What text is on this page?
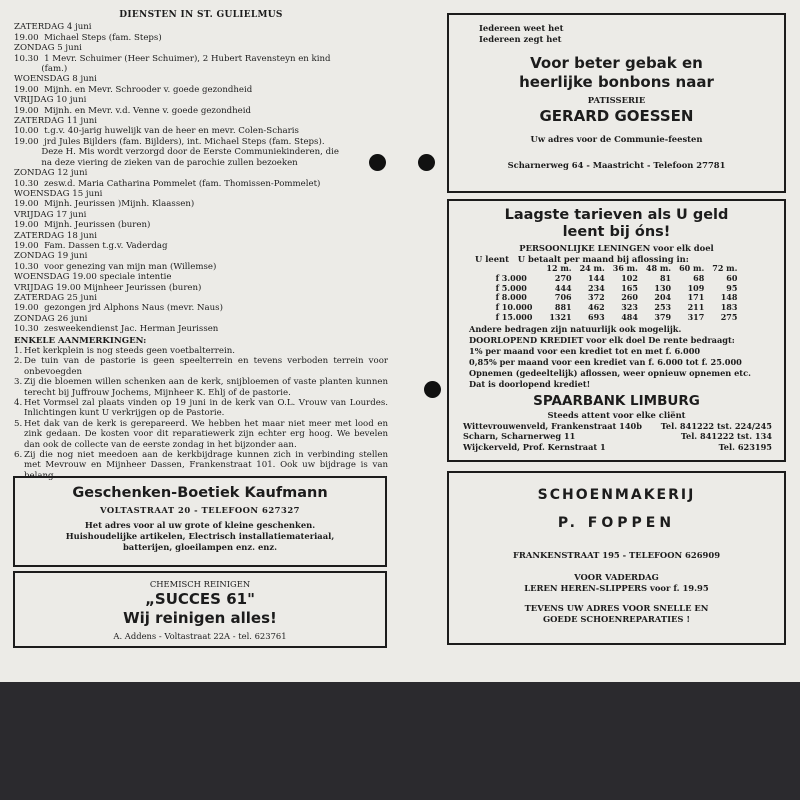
DIENSTEN IN ST. GULIELMUS
ZATERDAG 4 juni
19.00  Michael Steps (fam. Steps)
ZONDAG 5 juni
10.30  1 Mevr. Schuimer (Heer Schuimer), 2 Hubert Ravensteyn en kind
(fam.)
WOENSDAG 8 juni
19.00  Mijnh. en Mevr. Schrooder v. goede gezondheid
VRIJDAG 10 juni
19.00  Mijnh. en Mevr. v.d. Venne v. goede gezondheid
ZATERDAG 11 juni
10.00  t.g.v. 40-jarig huwelijk van de heer en mevr. Colen-Scharis
19.00  jrd Jules Bijlders (fam. Bijlders), int. Michael Steps (fam. Steps).
Deze H. Mis wordt verzorgd door de Eerste Communiekinderen, die
na deze viering de zieken van de parochie zullen bezoeken
ZONDAG 12 juni
10.30  zesw.d. Maria Catharina Pommelet (fam. Thomissen-Pommelet)
WOENSDAG 15 juni
19.00  Mijnh. Jeurissen )Mijnh. Klaassen)
VRIJDAG 17 juni
19.00  Mijnh. Jeurissen (buren)
ZATERDAG 18 juni
19.00  Fam. Dassen t.g.v. Vaderdag
ZONDAG 19 juni
10.30  voor genezing van mijn man (Willemse)
WOENSDAG 19.00 speciale intentie
VRIJDAG 19.00 Mijnheer Jeurissen (buren)
ZATERDAG 25 juni
19.00  gezongen jrd Alphons Naus (mevr. Naus)
ZONDAG 26 juni
10.30  zesweekendienst Jac. Herman Jeurissen
ENKELE AANMERKINGEN:
1. Het kerkplein is nog steeds geen voetbalterrein.
2. De tuin van de pastorie is geen speelterrein en tevens verboden terrein voor onbevoegden
3. Zij die bloemen willen schenken aan de kerk, snijbloemen of vaste planten kunnen terecht bij Juffrouw Jochems, Mijnheer K. Ehlj of de pastorie.
4. Het Vormsel zal plaats vinden op 19 juni in de kerk van O.L. Vrouw van Lourdes. Inlichtingen kunt U verkrijgen op de Pastorie.
5. Het dak van de kerk is gerepareerd. We hebben het maar niet meer met lood en zink gedaan. De kosten voor dit reparatiewerk zijn echter erg hoog. We bevelen dan ook de collecte van de eerste zondag in het bijzonder aan.
6. Zij die nog niet meedoen aan de kerkbijdrage kunnen zich in verbinding stellen met Mevrouw en Mijnheer Dassen, Frankenstraat 101. Ook uw bijdrage is van belang.
Geschenken-Boetiek Kaufmann
VOLTASTRAAT 20 - TELEFOON 627327
Het adres voor al uw grote of kleine geschenken.
Huishoudelijke artikelen, Electrisch installatiemateriaal,
batterijen, gloeilampen enz. enz.
CHEMISCH REINIGEN
„SUCCES 61"
Wij reinigen alles!
A. Addens - Voltastraat 22A - tel. 623761
Iedereen weet het
Iedereen zegt het
Voor beter gebak en
heerlijke bonbons naar
PATISSERIE
GERARD GOESSEN
Uw adres voor de Communie-feesten
Scharnerweg 64 - Maastricht - Telefoon 27781
Laagste tarieven als U geld
leent bij óns!
PERSOONLIJKE LENINGEN voor elk doel
U leent U betaalt per maand bij aflossing in:
	12 m.	24 m.	36 m.	48 m.	60 m.	72 m.
f 3.000	270	144	102	81	68	60
f 5.000	444	234	165	130	109	95
f 8.000	706	372	260	204	171	148
f 10.000	881	462	323	253	211	183
f 15.000	1321	693	484	379	317	275
Andere bedragen zijn natuurlijk ook mogelijk.
DOORLOPEND KREDIET voor elk doel De rente bedraagt:
1% per maand voor een krediet tot en met f. 6.000
0,85% per maand voor een krediet van f. 6.000 tot f. 25.000
Opnemen (gedeeltelijk) aflossen, weer opnieuw opnemen etc.
Dat is doorlopend krediet!
SPAARBANK LIMBURG
Steeds attent voor elke cliënt
Wittevrouwenveld, Frankenstraat 140b Tel. 841222 tst. 224/245
Scharn, Scharnerweg 11	Tel. 841222 tst. 134
Wijckerveld, Prof. Kernstraat 1	Tel. 623195
SCHOENMAKERIJ
P. FOPPEN
FRANKENSTRAAT 195 - TELEFOON 626909
VOOR VADERDAG
LEREN HEREN-SLIPPERS voor f. 19.95
TEVENS UW ADRES VOOR SNELLE EN
GOEDE SCHOENREPARATIES !
